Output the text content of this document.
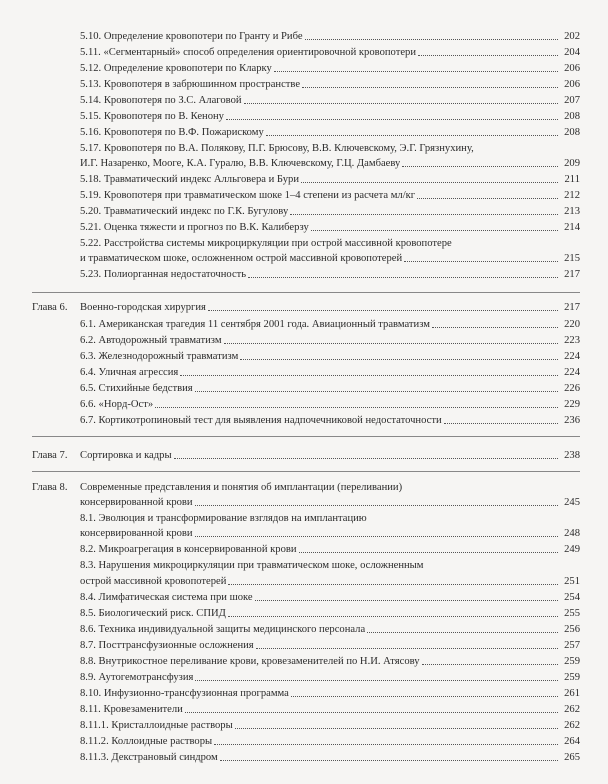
5.10. Определение кровопотери по Гранту и Рибе	202
5.11. «Сегментарный» способ определения ориентировочной кровопотери	204
5.12. Определение кровопотери по Кларку	206
5.13. Кровопотеря в забрюшинном пространстве	206
5.14. Кровопотеря по З.С. Алаговой	207
5.15. Кровопотеря по В. Кенону	208
5.16. Кровопотеря по В.Ф. Пожарискому	208
5.17. Кровопотеря по В.А. Полякову, П.Г. Брюсову, В.В. Ключевскому, Э.Г. Грязнухину,
И.Г. Назаренко, Мооге, К.А. Гуралю, В.В. Ключевскому, Г.Ц. Дамбаеву	209
5.18. Травматический индекс Алльговера и Бури	211
5.19. Кровопотеря при травматическом шоке 1–4 степени из расчета мл/кг	212
5.20. Травматический индекс по Г.К. Бугулову	213
5.21. Оценка тяжести и прогноз по В.К. Калиберзу	214
5.22. Расстройства системы микроциркуляции при острой массивной кровопотере
и травматическом шоке, осложненном острой массивной кровопотерей	215
5.23. Полиорганная недостаточность	217
Глава 6. Военно-городская хирургия	217
6.1. Американская трагедия 11 сентября 2001 года. Авиационный травматизм	220
6.2. Автодорожный травматизм	223
6.3. Железнодорожный травматизм	224
6.4. Уличная агрессия	224
6.5. Стихийные бедствия	226
6.6. «Норд-Ост»	229
6.7. Кортикотропиновый тест для выявления надпочечниковой недостаточности	236
Глава 7. Сортировка и кадры	238
Глава 8. Современные представления и понятия об имплантации (переливании)
консервированной крови	245
8.1. Эволюция и трансформирование взглядов на имплантацию
консервированной крови	248
8.2. Микроагрегация в консервированной крови	249
8.3. Нарушения микроциркуляции при травматическом шоке, осложненным
острой массивной кровопотерей	251
8.4. Лимфатическая система при шоке	254
8.5. Биологический риск. СПИД	255
8.6. Техника индивидуальной защиты медицинского персонала	256
8.7. Посттрансфузионные осложнения	257
8.8. Внутрикостное переливание крови, кровезаменителей по Н.И. Атясову	259
8.9. Аутогемотрансфузия	259
8.10. Инфузионно-трансфузионная программа	261
8.11. Кровезаменители	262
8.11.1. Кристаллоидные растворы	262
8.11.2. Коллоидные растворы	264
8.11.3. Декстрановый синдром	265
